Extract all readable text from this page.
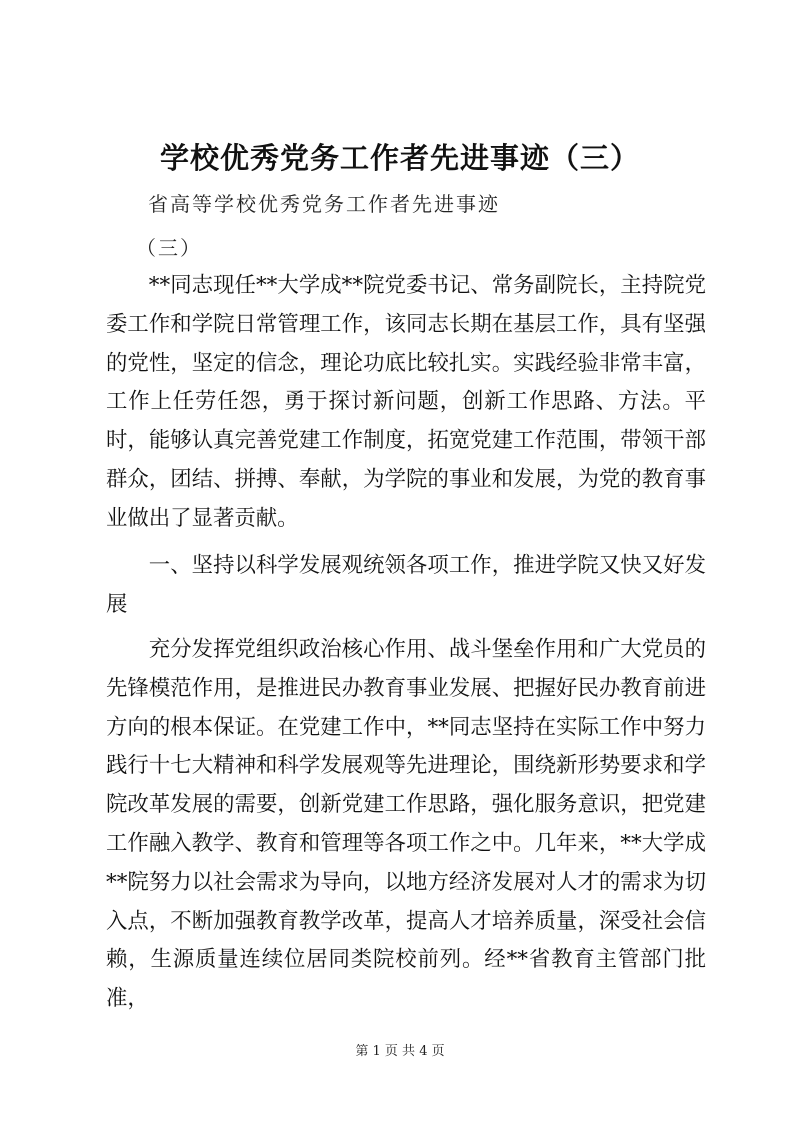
学校优秀党务工作者先进事迹（三）
省高等学校优秀党务工作者先进事迹
（三）

**同志现任**大学成**院党委书记、常务副院长，主持院党委工作和学院日常管理工作，该同志长期在基层工作，具有坚强的党性，坚定的信念，理论功底比较扎实。实践经验非常丰富，工作上任劳任怨，勇于探讨新问题，创新工作思路、方法。平时，能够认真完善党建工作制度，拓宽党建工作范围，带领干部群众，团结、拼搏、奉献，为学院的事业和发展，为党的教育事业做出了显著贡献。

一、坚持以科学发展观统领各项工作，推进学院又快又好发展

充分发挥党组织政治核心作用、战斗堡垒作用和广大党员的先锋模范作用，是推进民办教育事业发展、把握好民办教育前进方向的根本保证。在党建工作中，**同志坚持在实际工作中努力践行十七大精神和科学发展观等先进理论，围绕新形势要求和学院改革发展的需要，创新党建工作思路，强化服务意识，把党建工作融入教学、教育和管理等各项工作之中。几年来，**大学成**院努力以社会需求为导向，以地方经济发展对人才的需求为切入点，不断加强教育教学改革，提高人才培养质量，深受社会信赖，生源质量连续位居同类院校前列。经**省教育主管部门批准，

第 1 页 共 4 页
